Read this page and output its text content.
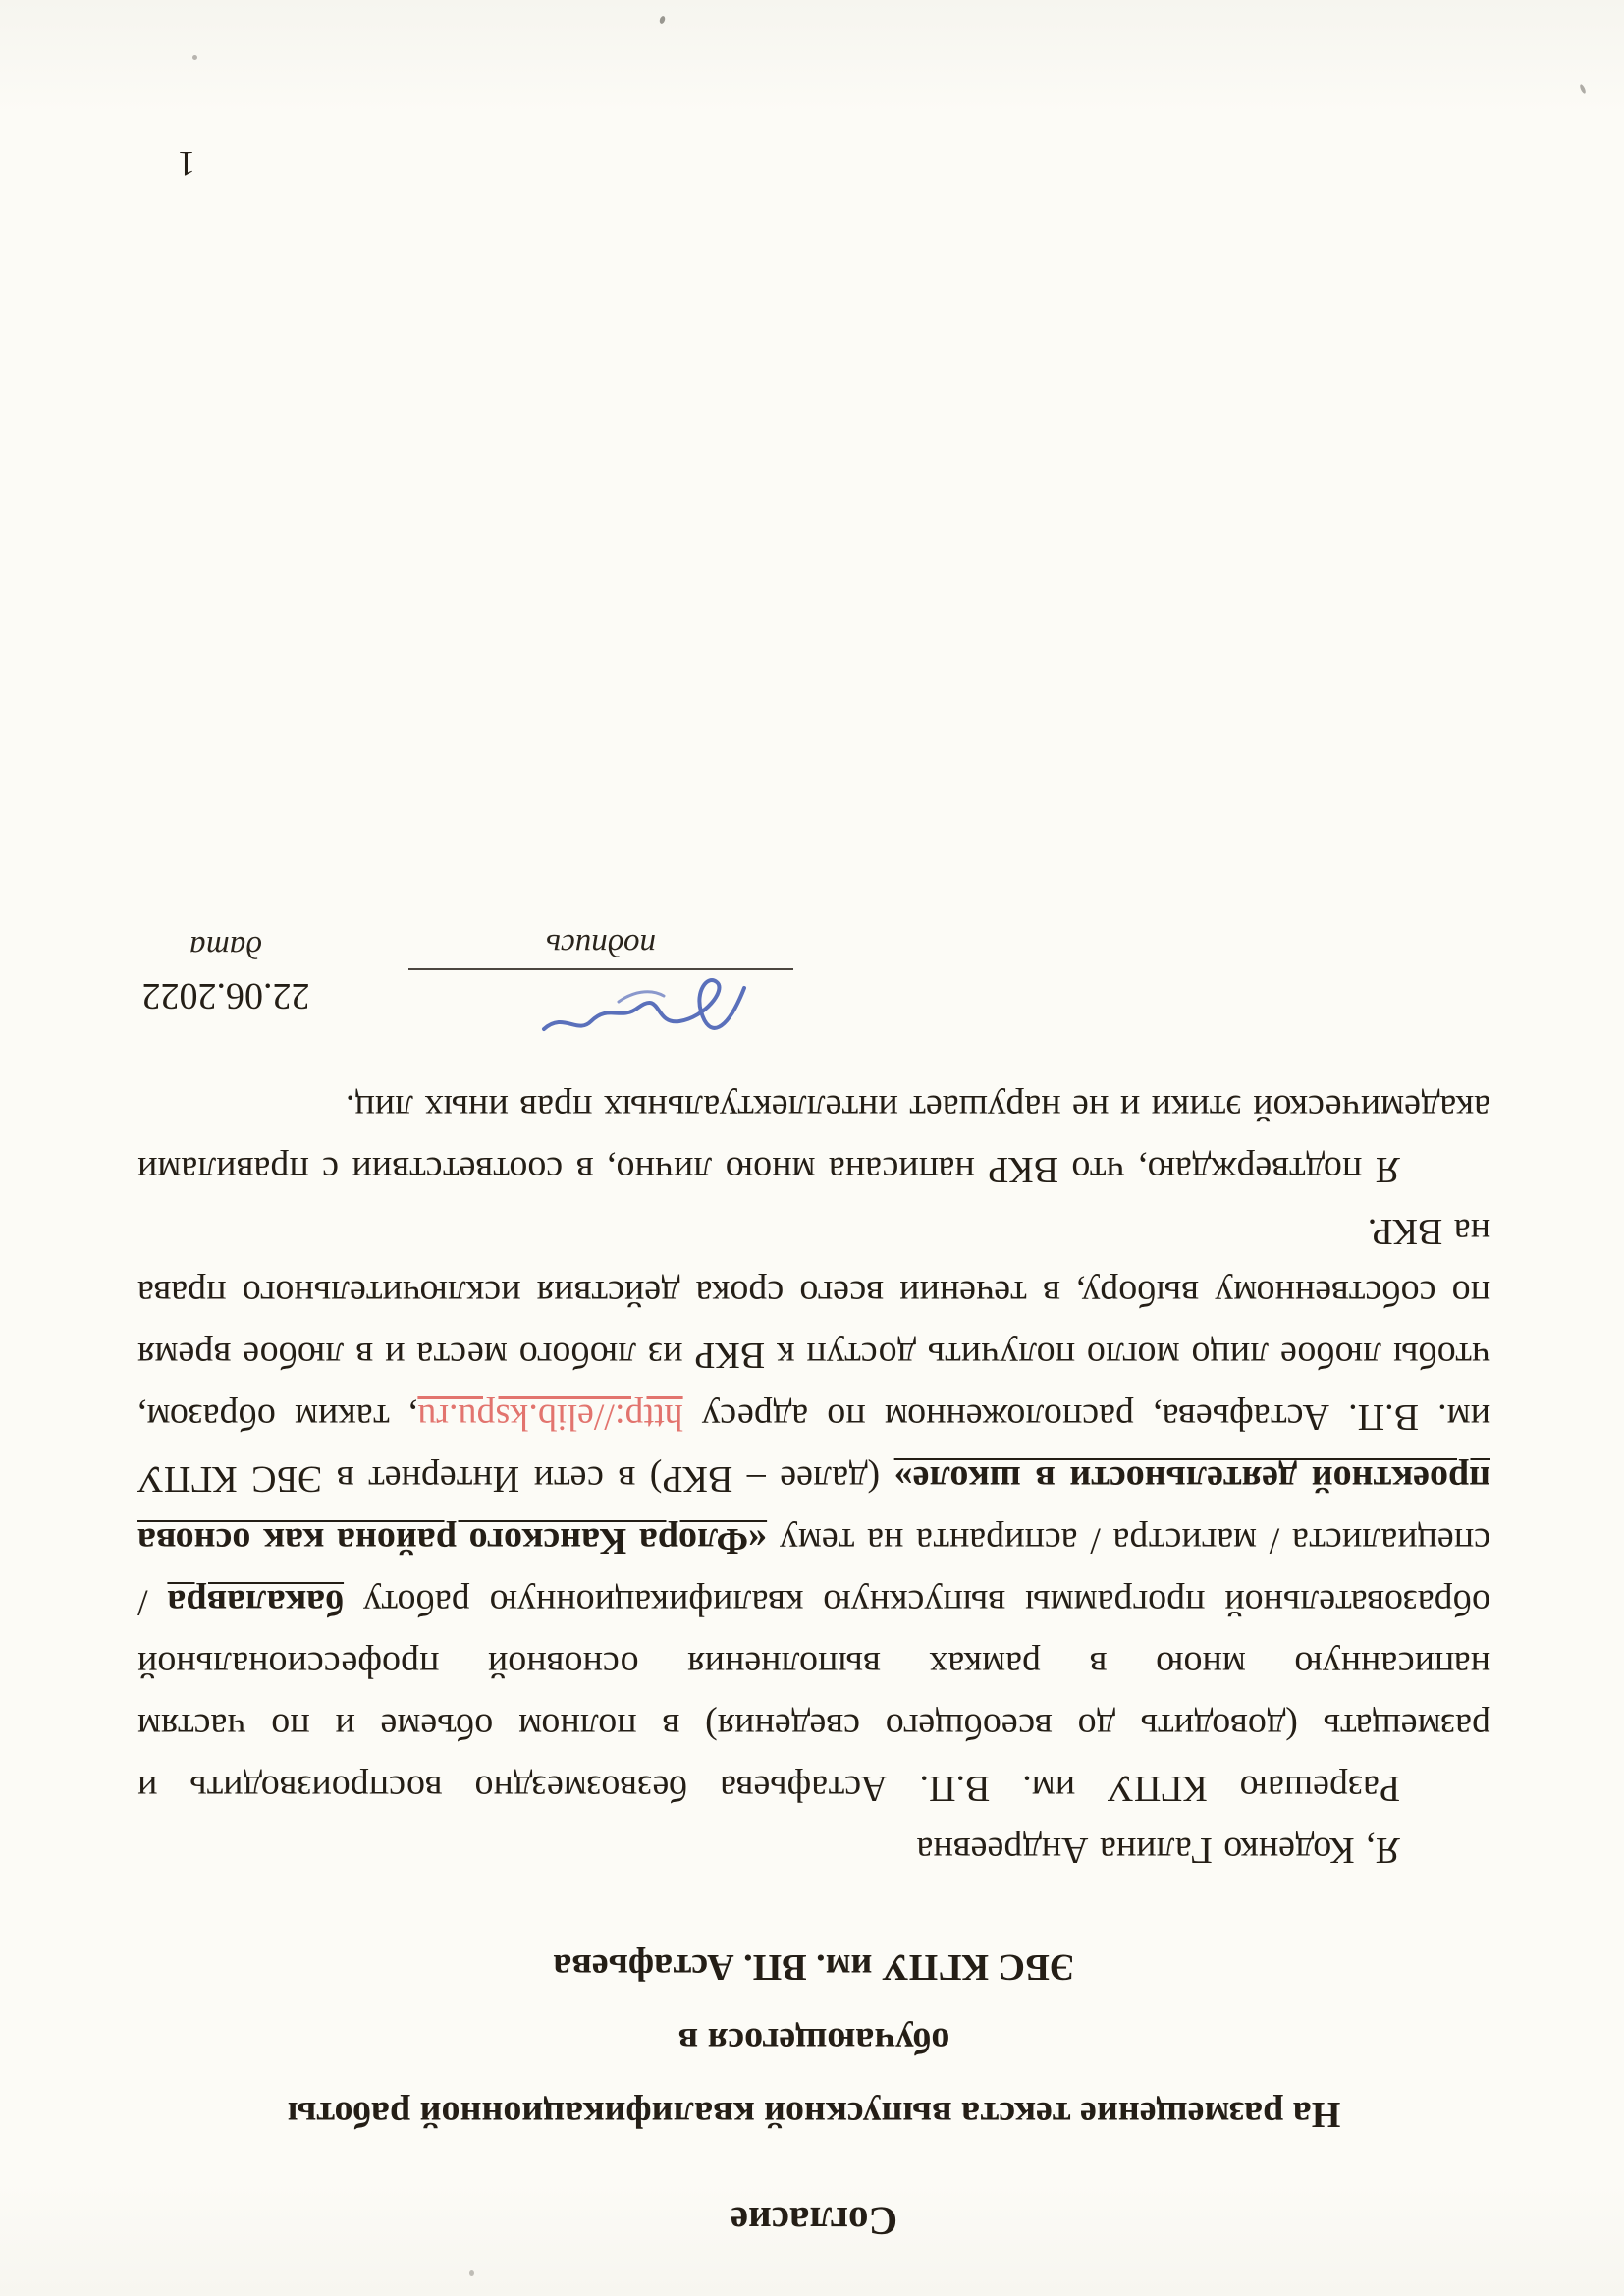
Согласие
На размещение текста выпускной квалификационной работы
обучающегося в
ЭБС КГПУ им. ВП. Астафьева

Я, Коденко Галина Андреевна

Разрешаю КГПУ им. В.П. Астафьева безвозмездно воспроизводить и размещать (доводить до всеобщего сведения) в полном объеме и по частям написанную мною в рамках выполнения основной профессиональной образовательной программы выпускную квалификационную работу бакалавра / специалиста / магистра / аспиранта на тему «Флора Канского района как основа проектной деятельности в школе» (далее – ВКР) в сети Интернет в ЭБС КГПУ им. В.П. Астафьева, расположенном по адресу http://elib.kspu.ru, таким образом, чтобы любое лицо могло получить доступ к ВКР из любого места и в любое время по собственному выбору, в течении всего срока действия исключительного права на ВКР.

Я подтверждаю, что ВКР написана мною лично, в соответствии с правилами академической этики и не нарушает интеллектуальных прав иных лиц.

подпись
22.06.2022
дата
1
